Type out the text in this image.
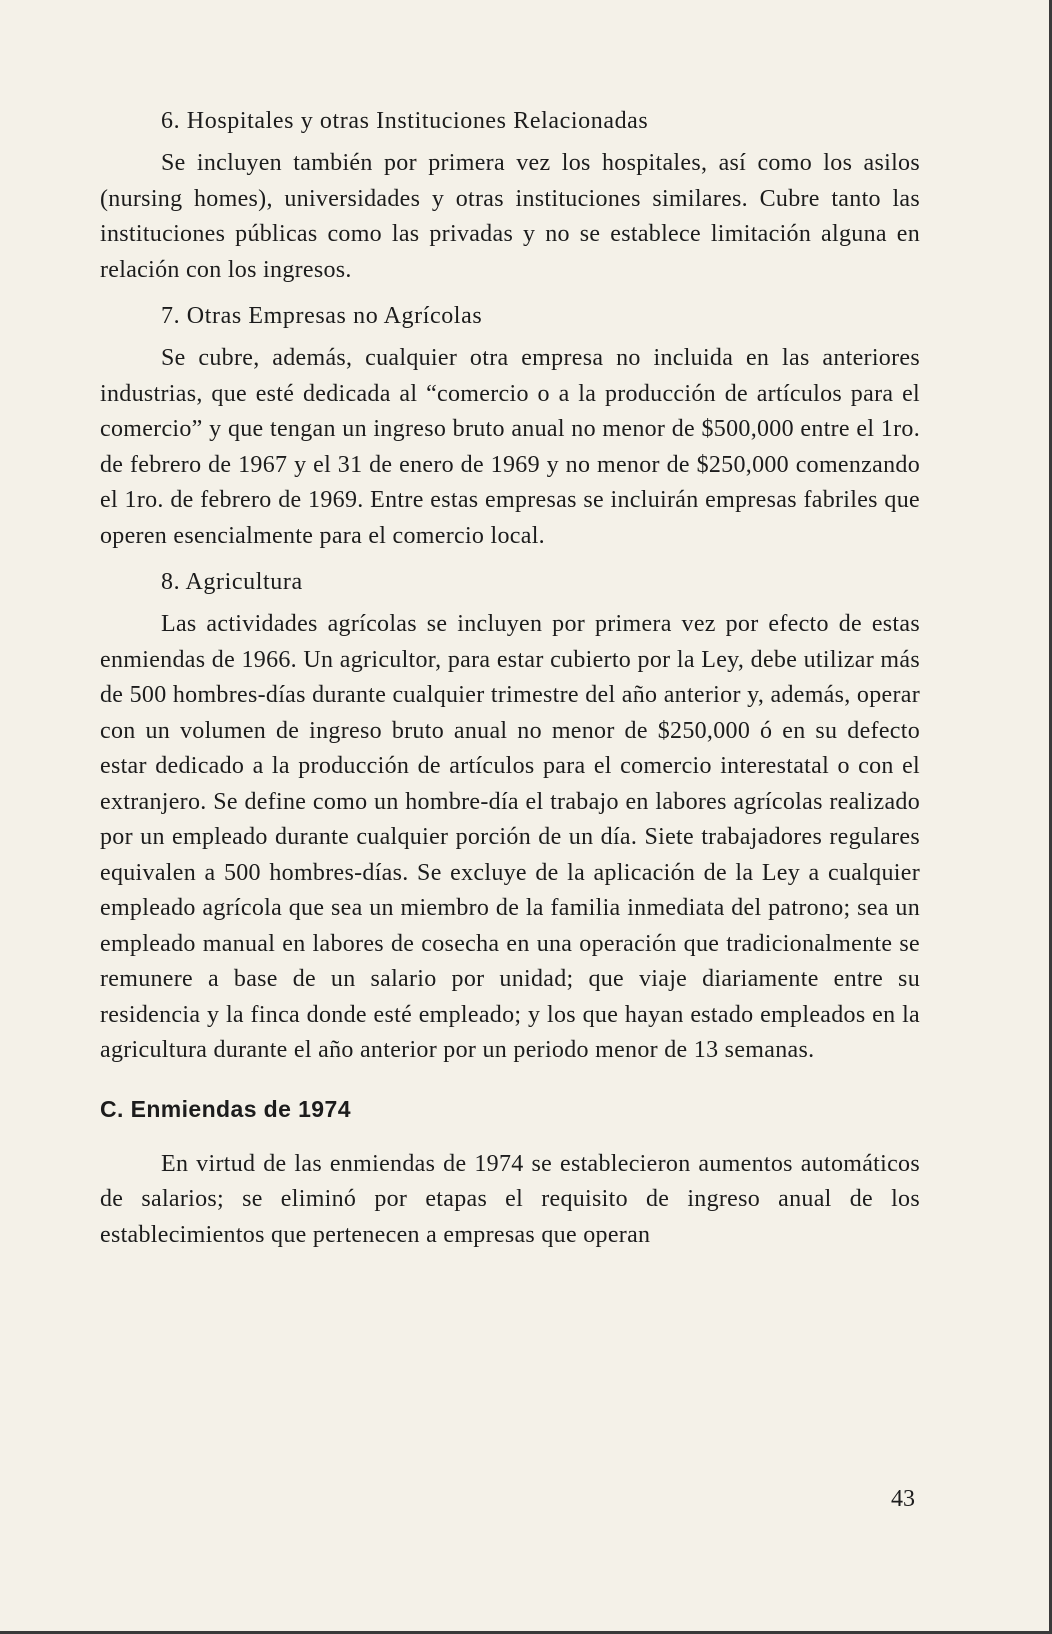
6. Hospitales y otras Instituciones Relacionadas

Se incluyen también por primera vez los hospitales, así como los asilos (nursing homes), universidades y otras instituciones similares. Cubre tanto las instituciones públicas como las privadas y no se establece limitación alguna en relación con los ingresos.

7. Otras Empresas no Agrícolas

Se cubre, además, cualquier otra empresa no incluida en las anteriores industrias, que esté dedicada al “comercio o a la producción de artículos para el comercio” y que tengan un ingreso bruto anual no menor de $500,000 entre el 1ro. de febrero de 1967 y el 31 de enero de 1969 y no menor de $250,000 comenzando el 1ro. de febrero de 1969. Entre estas empresas se incluirán empresas fabriles que operen esencialmente para el comercio local.

8. Agricultura

Las actividades agrícolas se incluyen por primera vez por efecto de estas enmiendas de 1966. Un agricultor, para estar cubierto por la Ley, debe utilizar más de 500 hombres-días durante cualquier trimestre del año anterior y, además, operar con un volumen de ingreso bruto anual no menor de $250,000 ó en su defecto estar dedicado a la producción de artículos para el comercio interestatal o con el extranjero. Se define como un hombre-día el trabajo en labores agrícolas realizado por un empleado durante cualquier porción de un día. Siete trabajadores regulares equivalen a 500 hombres-días. Se excluye de la aplicación de la Ley a cualquier empleado agrícola que sea un miembro de la familia inmediata del patrono; sea un empleado manual en labores de cosecha en una operación que tradicionalmente se remunere a base de un salario por unidad; que viaje diariamente entre su residencia y la finca donde esté empleado; y los que hayan estado empleados en la agricultura durante el año anterior por un periodo menor de 13 semanas.

C. Enmiendas de 1974

En virtud de las enmiendas de 1974 se establecieron aumentos automáticos de salarios; se eliminó por etapas el requisito de ingreso anual de los establecimientos que pertenecen a empresas que operan

43
